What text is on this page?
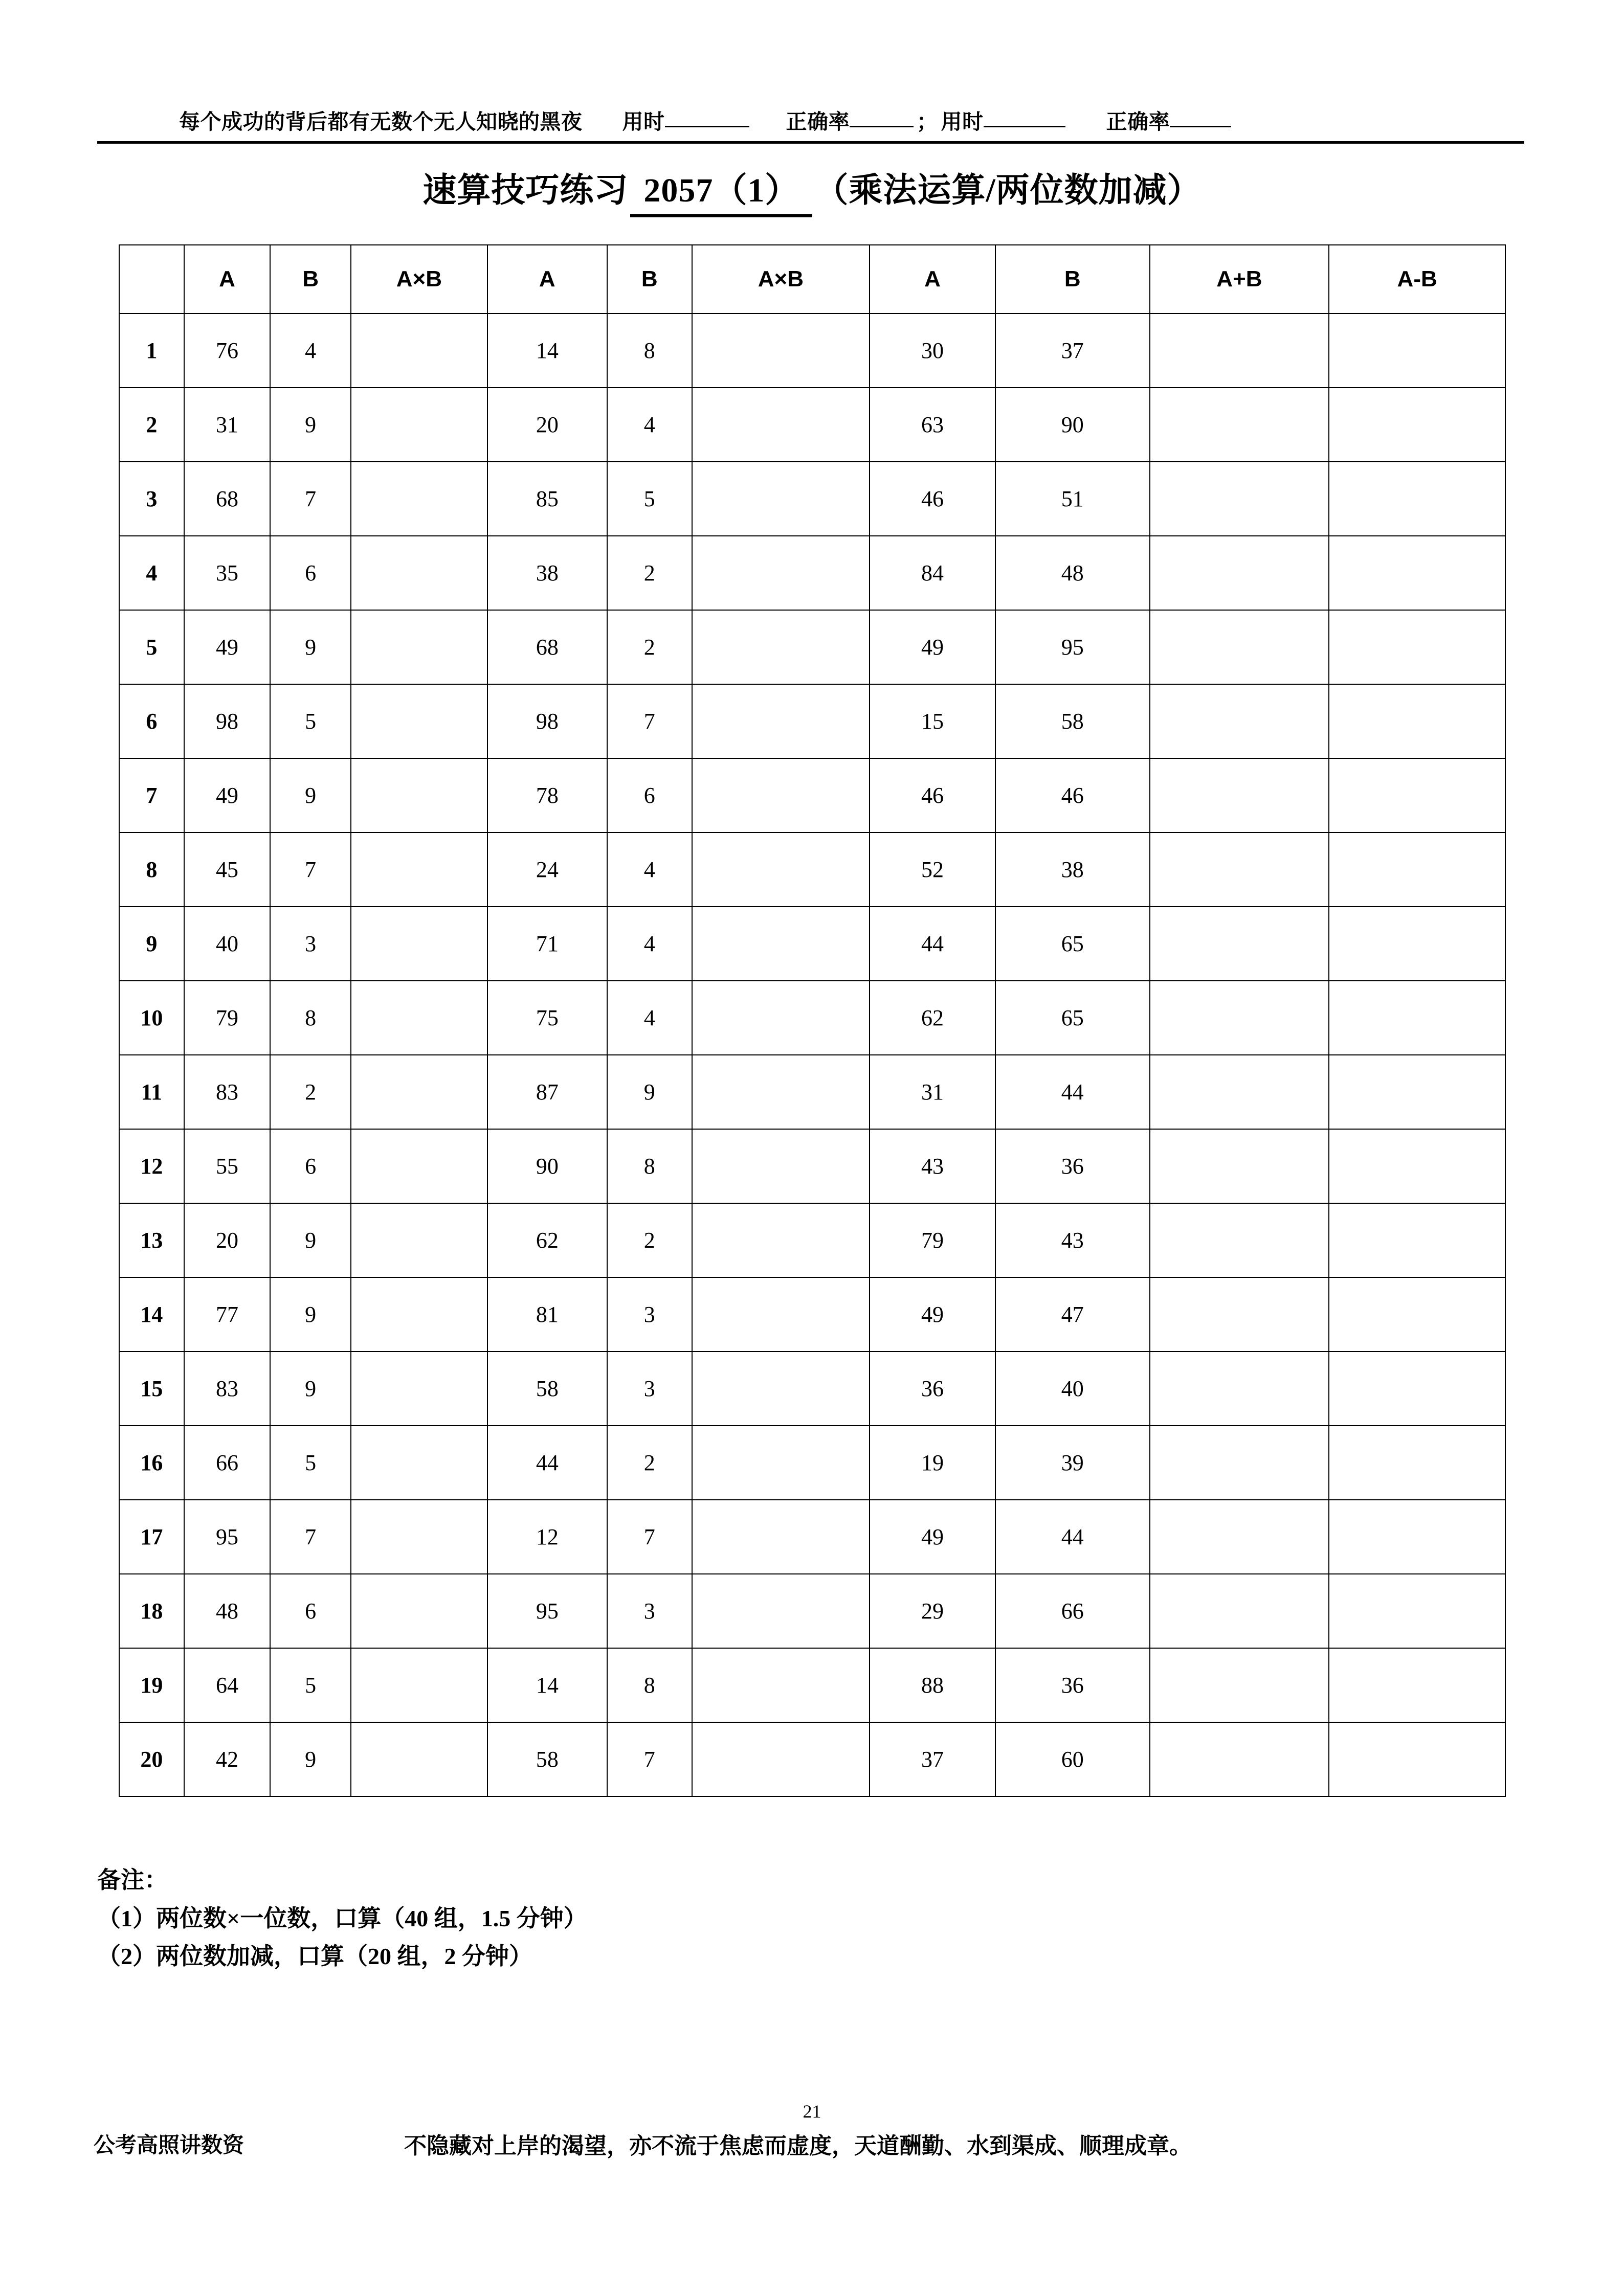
每个成功的背后都有无数个无人知晓的黑夜 用时	正确率	； 用时	正确率
速算技巧练习 2057（1） （乘法运算/两位数加减）
	A	B	A×B	A	B	A×B	A	B	A+B	A-B
1	76	4		14	8		30	37		
2	31	9		20	4		63	90		
3	68	7		85	5		46	51		
4	35	6		38	2		84	48		
5	49	9		68	2		49	95		
6	98	5		98	7		15	58		
7	49	9		78	6		46	46		
8	45	7		24	4		52	38		
9	40	3		71	4		44	65		
10	79	8		75	4		62	65		
11	83	2		87	9		31	44		
12	55	6		90	8		43	36		
13	20	9		62	2		79	43		
14	77	9		81	3		49	47		
15	83	9		58	3		36	40		
16	66	5		44	2		19	39		
17	95	7		12	7		49	44		
18	48	6		95	3		29	66		
19	64	5		14	8		88	36		
20	42	9		58	7		37	60		
备注：
（1）两位数×一位数，口算（40 组，1.5 分钟）
（2）两位数加减，口算（20 组，2 分钟）
21
公考高照讲数资	不隐藏对上岸的渴望，亦不流于焦虑而虚度，天道酬勤、水到渠成、顺理成章。
